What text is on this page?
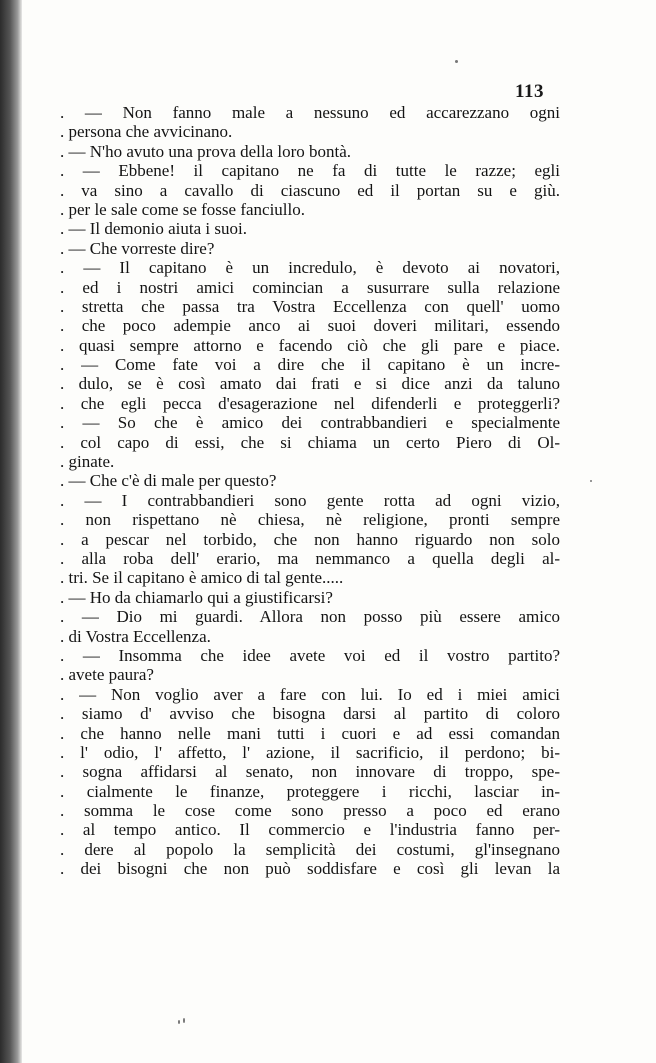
113
. — Non fanno male a nessuno ed accarezzano ogni
. persona che avvicinano.
. — N'ho avuto una prova della loro bontà.
. — Ebbene! il capitano ne fa di tutte le razze; egli
. va sino a cavallo di ciascuno ed il portan su e giù.
. per le sale come se fosse fanciullo.
. — Il demonio aiuta i suoi.
. — Che vorreste dire?
. — Il capitano è un incredulo, è devoto ai novatori,
. ed i nostri amici comincian a susurrare sulla relazione
. stretta che passa tra Vostra Eccellenza con quell' uomo
. che poco adempie anco ai suoi doveri militari, essendo
. quasi sempre attorno e facendo ciò che gli pare e piace.
. — Come fate voi a dire che il capitano è un incre-
. dulo, se è così amato dai frati e si dice anzi da taluno
. che egli pecca d'esagerazione nel difenderli e proteggerli?
. — So che è amico dei contrabbandieri e specialmente
. col capo di essi, che si chiama un certo Piero di Ol-
. ginate.
. — Che c'è di male per questo?
. — I contrabbandieri sono gente rotta ad ogni vizio,
. non rispettano nè chiesa, nè religione, pronti sempre
. a pescar nel torbido, che non hanno riguardo non solo
. alla roba dell' erario, ma nemmanco a quella degli al-
. tri. Se il capitano è amico di tal gente.....
. — Ho da chiamarlo qui a giustificarsi?
. — Dio mi guardi. Allora non posso più essere amico
. di Vostra Eccellenza.
. — Insomma che idee avete voi ed il vostro partito?
. avete paura?
. — Non voglio aver a fare con lui. Io ed i miei amici
. siamo d' avviso che bisogna darsi al partito di coloro
. che hanno nelle mani tutti i cuori e ad essi comandan
. l' odio, l' affetto, l' azione, il sacrificio, il perdono; bi-
. sogna affidarsi al senato, non innovare di troppo, spe-
. cialmente le finanze, proteggere i ricchi, lasciar in-
. somma le cose come sono presso a poco ed erano
. al tempo antico. Il commercio e l'industria fanno per-
. dere al popolo la semplicità dei costumi, gl'insegnano
. dei bisogni che non può soddisfare e così gli levan la
